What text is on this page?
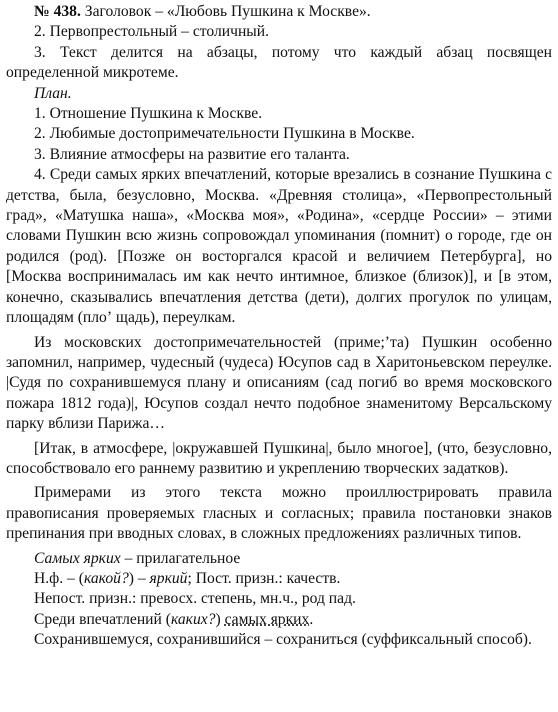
№ 438. Заголовок – «Любовь Пушкина к Москве».

2. Первопрестольный – столичный.

3. Текст делится на абзацы, потому что каждый абзац посвящен определенной микротеме.

План.

1. Отношение Пушкина к Москве.

2. Любимые достопримечательности Пушкина в Москве.

3. Влияние атмосферы на развитие его таланта.

4. Среди самых ярких впечатлений, которые врезались в сознание Пушкина с детства, была, безусловно, Москва. «Древняя столица», «Первопрестольный град», «Матушка наша», «Москва моя», «Родина», «сердце России» – этими словами Пушкин всю жизнь сопровождал упоминания (помнит) о городе, где он родился (род). [Позже он восторгался красой и величием Петербурга], но [Москва воспринималась им как нечто интимное, близкое (близок)], и [в этом, конечно, сказывались впечатления детства (дети), долгих прогулок по улицам, площадям (плоʼ щадь), переулкам.

Из московских достопримечательностей (приме;ʼта) Пушкин особенно запомнил, например, чудесный (чудеса) Юсупов сад в Харитоньевском переулке. |Судя по сохранившемуся плану и описаниям (сад погиб во время московского пожара 1812 года)|, Юсупов создал нечто подобное знаменитому Версальскому парку вблизи Парижа…

[Итак, в атмосфере, |окружавшей Пушкина|, было многое], (что, безусловно, способствовало его раннему развитию и укреплению творческих задатков).

Примерами из этого текста можно проиллюстрировать правила правописания проверяемых гласных и согласных; правила постановки знаков препинания при вводных словах, в сложных предложениях различных типов.

Самых ярких – прилагательное

Н.ф. – (какой?) – яркий; Пост. призн.: качеств.

Непост. призн.: превосх. степень, мн.ч., род пад.

Среди впечатлений (каких?) самых ярких.

Сохранившемуся, сохранившийся – сохраниться (суффиксальный способ).
